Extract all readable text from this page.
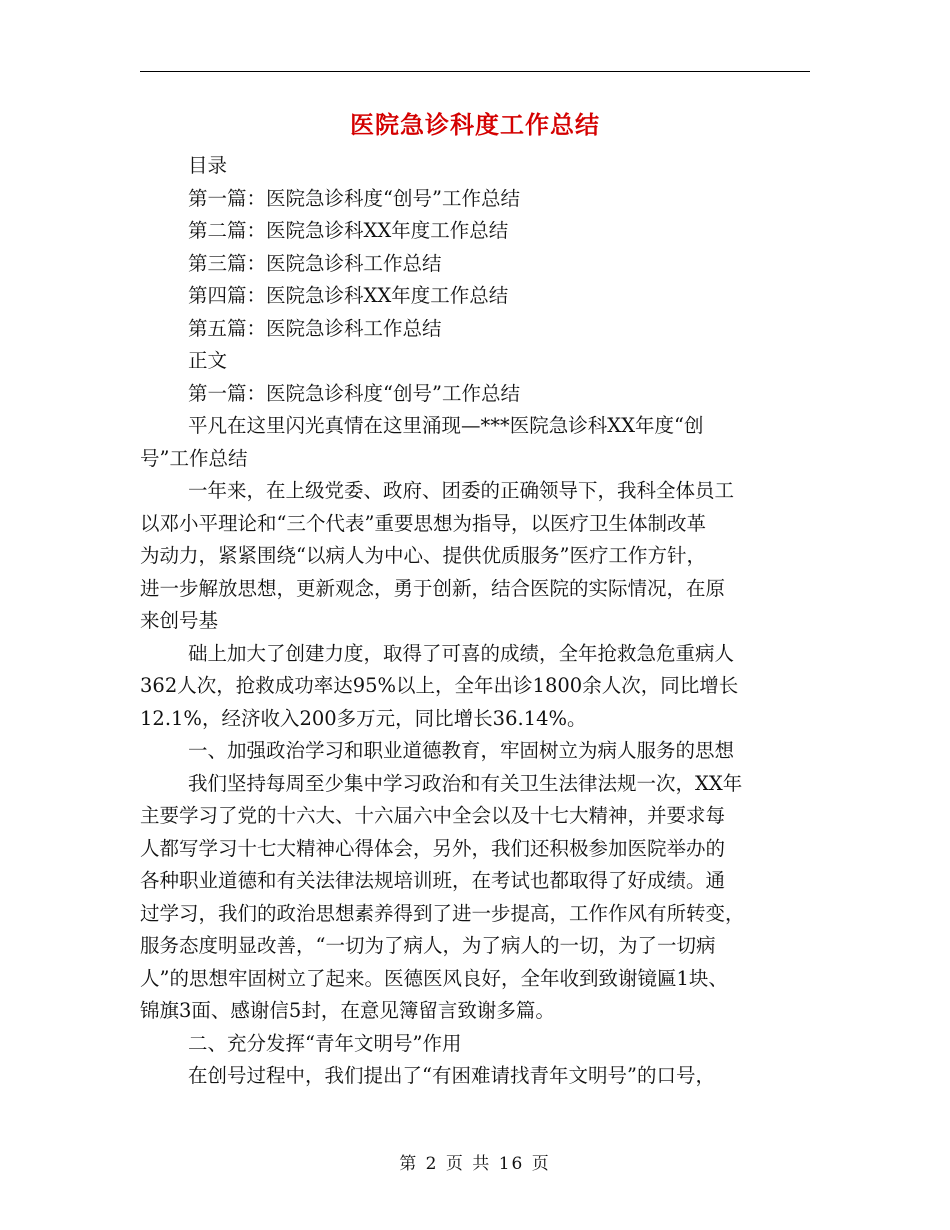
医院急诊科度工作总结
目录
第一篇：医院急诊科度“创号”工作总结
第二篇：医院急诊科XX年度工作总结
第三篇：医院急诊科工作总结
第四篇：医院急诊科XX年度工作总结
第五篇：医院急诊科工作总结
正文
第一篇：医院急诊科度“创号”工作总结
平凡在这里闪光真情在这里涌现—***医院急诊科XX年度“创
号”工作总结
一年来，在上级党委、政府、团委的正确领导下，我科全体员工
以邓小平理论和“三个代表”重要思想为指导，以医疗卫生体制改革
为动力，紧紧围绕“以病人为中心、提供优质服务”医疗工作方针，
进一步解放思想，更新观念，勇于创新，结合医院的实际情况，在原
来创号基
础上加大了创建力度，取得了可喜的成绩，全年抢救急危重病人
362人次，抢救成功率达95%以上，全年出诊1800余人次，同比增长
12.1%，经济收入200多万元，同比增长36.14%。
一、加强政治学习和职业道德教育，牢固树立为病人服务的思想
我们坚持每周至少集中学习政治和有关卫生法律法规一次，XX年
主要学习了党的十六大、十六届六中全会以及十七大精神，并要求每
人都写学习十七大精神心得体会，另外，我们还积极参加医院举办的
各种职业道德和有关法律法规培训班，在考试也都取得了好成绩。通
过学习，我们的政治思想素养得到了进一步提高，工作作风有所转变，
服务态度明显改善，“一切为了病人，为了病人的一切，为了一切病
人”的思想牢固树立了起来。医德医风良好，全年收到致谢镜匾1块、
锦旗3面、感谢信5封，在意见簿留言致谢多篇。
二、充分发挥“青年文明号”作用
在创号过程中，我们提出了“有困难请找青年文明号”的口号，
第 2 页 共 16 页
